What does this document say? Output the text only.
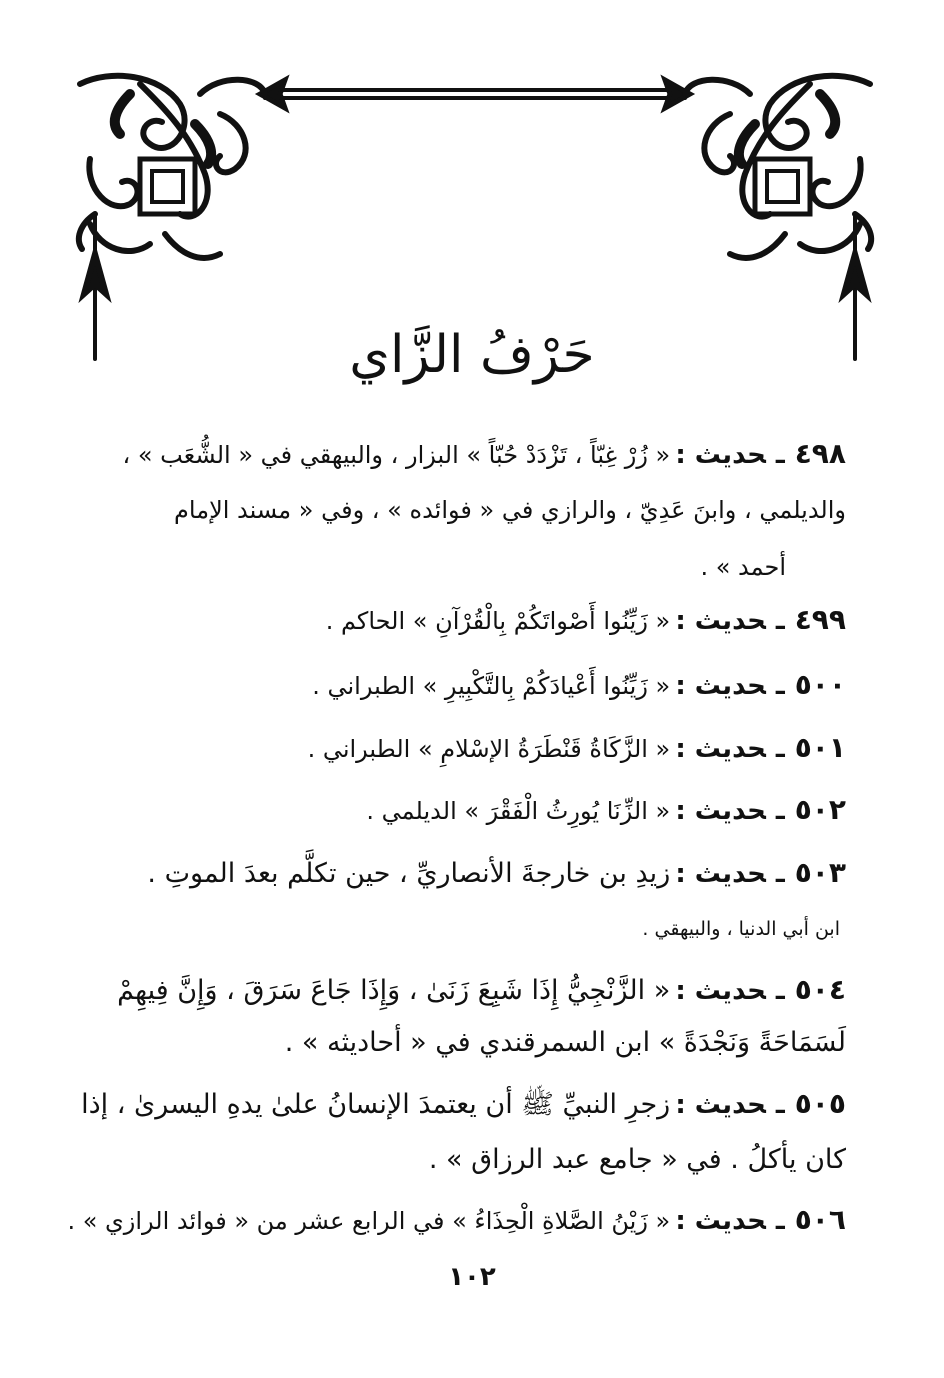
حَرْفُ الزَّاي
٤٩٨ـحديث : « زُرْ غِبّاً ، تَزْدَدْ حُبّاً » البزار ، والبيهقي في « الشُّعَب » ،
والديلمي ، وابنَ عَدِيّ ، والرازي في « فوائده » ، وفي « مسند الإمام
أحمد » .
٤٩٩ـحديث : « زَيِّنُوا أَصْواتَكُمْ بِالْقُرْآنِ » الحاكم .
٥٠٠ـحديث : « زَيِّنُوا أَعْيادَكُمْ بِالتَّكْبِيرِ » الطبراني .
٥٠١ـحديث : « الزَّكَاةُ قَنْطَرَةُ الإسْلامِ » الطبراني .
٥٠٢ـحديث : « الزِّنَا يُورِثُ الْفَقْرَ » الديلمي .
٥٠٣ـحديث : زيدِ بن خارجةَ الأنصاريِّ ، حين تكلَّم بعدَ الموتِ .
ابن أبي الدنيا ، والبيهقي .
٥٠٤ـحديث : « الزَّنْجِيُّ إِذَا شَبِعَ زَنَىٰ ، وَإِذَا جَاعَ سَرَقَ ، وَإِنَّ فِيهِمْ
لَسَمَاحَةً وَنَجْدَةً » ابن السمرقندي في « أحاديثه » .
٥٠٥ـحديث : زجرِ النبيِّ ﷺ أن يعتمدَ الإنسانُ علىٰ يدهِ اليسرىٰ ، إذا
كان يأكلُ . في « جامع عبد الرزاق » .
٥٠٦ـحديث : « زَيْنُ الصَّلاةِ الْحِذَاءُ » في الرابع عشر من « فوائد الرازي » .
١٠٢
